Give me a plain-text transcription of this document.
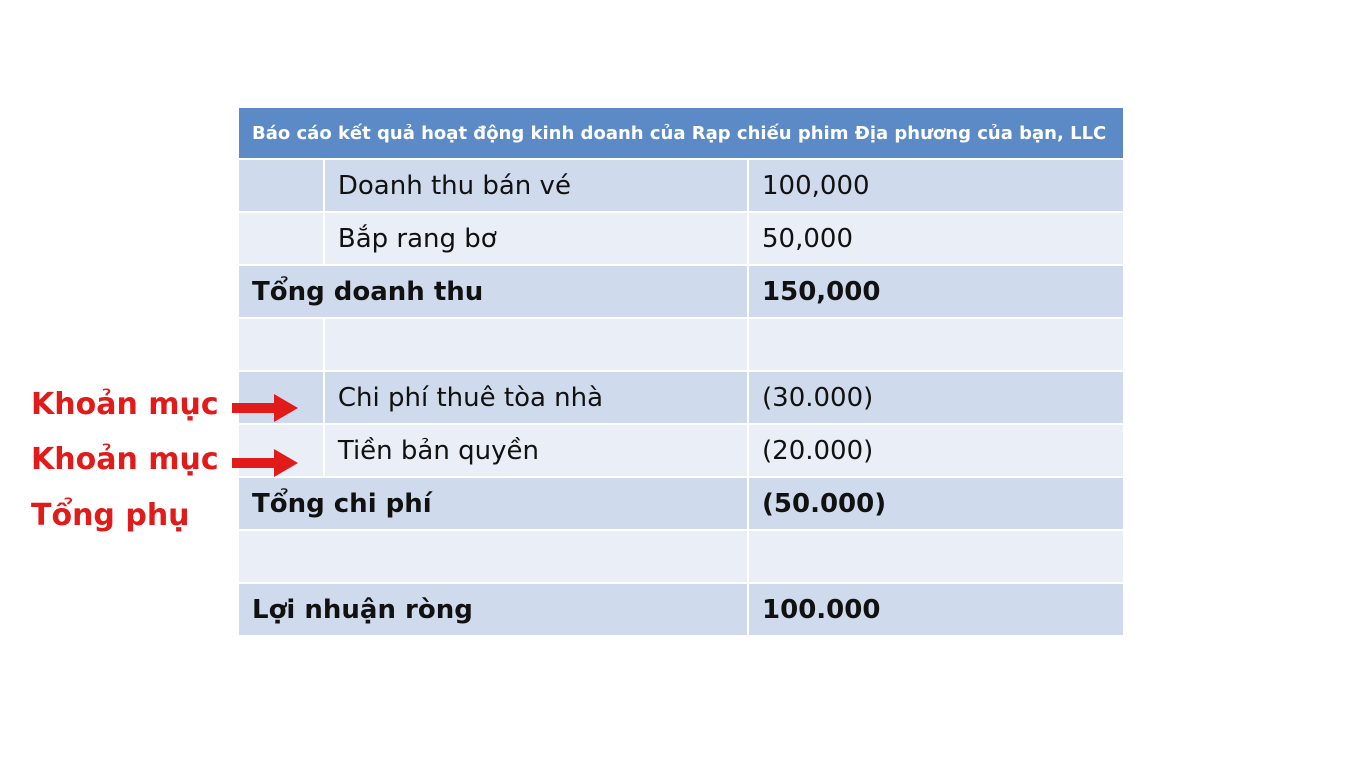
Báo cáo kết quả hoạt động kinh doanh của Rạp chiếu phim Địa phương của bạn, LLC		
	Doanh thu bán vé	100,000
	Bắp rang bơ	50,000
Tổng doanh thu		150,000

	Chi phí thuê tòa nhà	(30.000)
	Tiền bản quyền	(20.000)
Tổng chi phí		(50.000)

Lợi nhuận ròng		100.000
Khoản mục
Khoản mục
Tổng phụ
